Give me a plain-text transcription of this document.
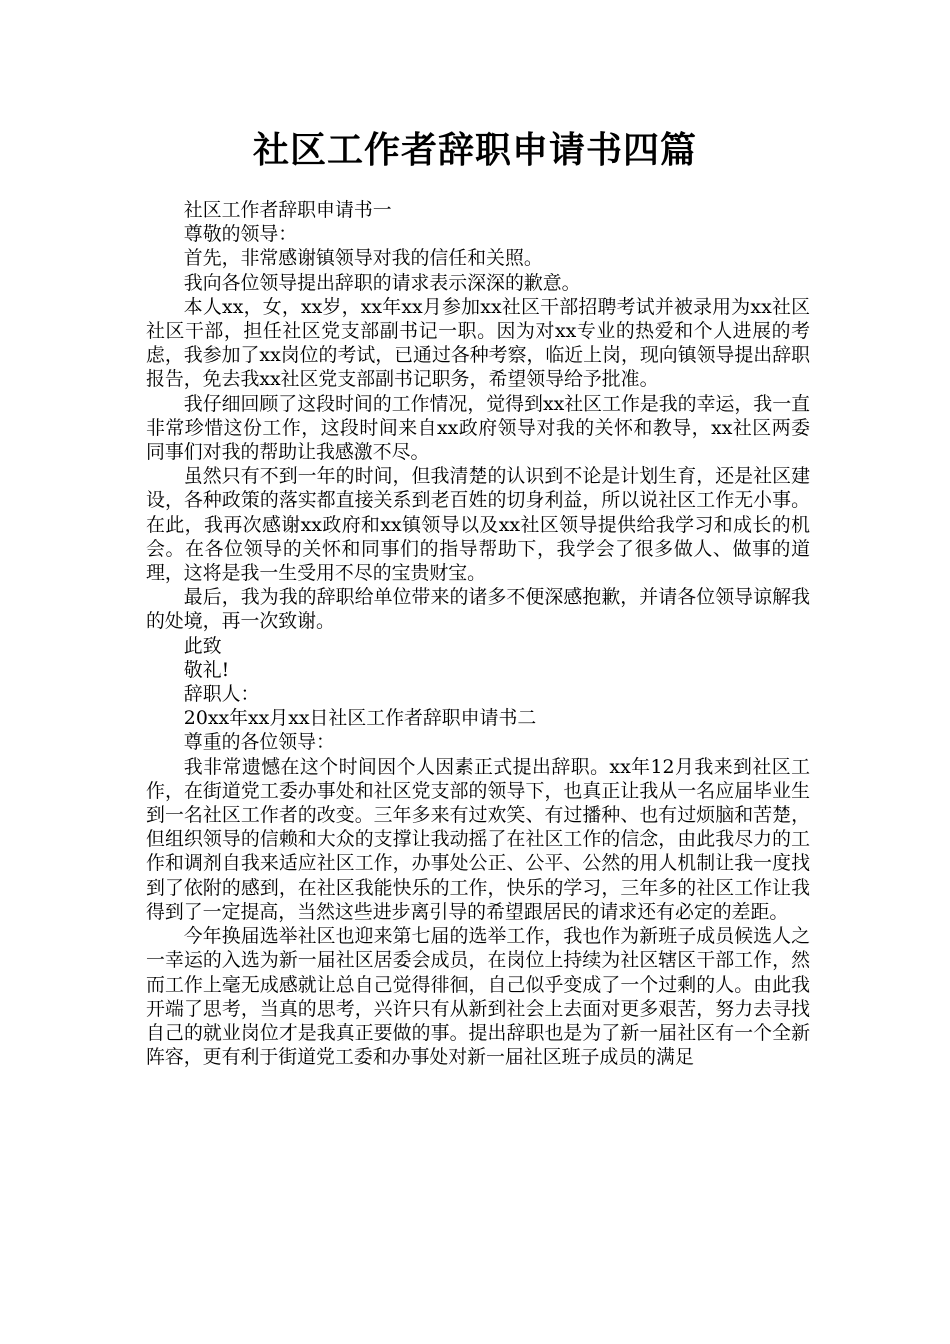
社区工作者辞职申请书四篇

社区工作者辞职申请书一

尊敬的领导：

首先，非常感谢镇领导对我的信任和关照。

我向各位领导提出辞职的请求表示深深的歉意。

本人xx，女，xx岁，xx年xx月参加xx社区干部招聘考试并被录用为xx社区社区干部，担任社区党支部副书记一职。因为对xx专业的热爱和个人进展的考虑，我参加了xx岗位的考试，已通过各种考察，临近上岗，现向镇领导提出辞职报告，免去我xx社区党支部副书记职务，希望领导给予批准。

我仔细回顾了这段时间的工作情况，觉得到xx社区工作是我的幸运，我一直非常珍惜这份工作，这段时间来自xx政府领导对我的关怀和教导，xx社区两委同事们对我的帮助让我感激不尽。

虽然只有不到一年的时间，但我清楚的认识到不论是计划生育，还是社区建设，各种政策的落实都直接关系到老百姓的切身利益，所以说社区工作无小事。在此，我再次感谢xx政府和xx镇领导以及xx社区领导提供给我学习和成长的机会。在各位领导的关怀和同事们的指导帮助下，我学会了很多做人、做事的道理，这将是我一生受用不尽的宝贵财宝。

最后，我为我的辞职给单位带来的诸多不便深感抱歉，并请各位领导谅解我的处境，再一次致谢。

此致

敬礼!

辞职人：

20xx年xx月xx日社区工作者辞职申请书二

尊重的各位领导：

我非常遗憾在这个时间因个人因素正式提出辞职。xx年12月我来到社区工作，在街道党工委办事处和社区党支部的领导下，也真正让我从一名应届毕业生到一名社区工作者的改变。三年多来有过欢笑、有过播种、也有过烦脑和苦楚，但组织领导的信赖和大众的支撑让我动摇了在社区工作的信念，由此我尽力的工作和调剂自我来适应社区工作，办事处公正、公平、公然的用人机制让我一度找到了依附的感到，在社区我能快乐的工作，快乐的学习，三年多的社区工作让我得到了一定提高，当然这些进步离引导的希望跟居民的请求还有必定的差距。

今年换届选举社区也迎来第七届的选举工作，我也作为新班子成员候选人之一幸运的入选为新一届社区居委会成员，在岗位上持续为社区辖区干部工作，然而工作上毫无成感就让总自己觉得徘徊，自己似乎变成了一个过剩的人。由此我开端了思考，当真的思考，兴许只有从新到社会上去面对更多艰苦，努力去寻找自己的就业岗位才是我真正要做的事。提出辞职也是为了新一届社区有一个全新阵容，更有利于街道党工委和办事处对新一届社区班子成员的满足
